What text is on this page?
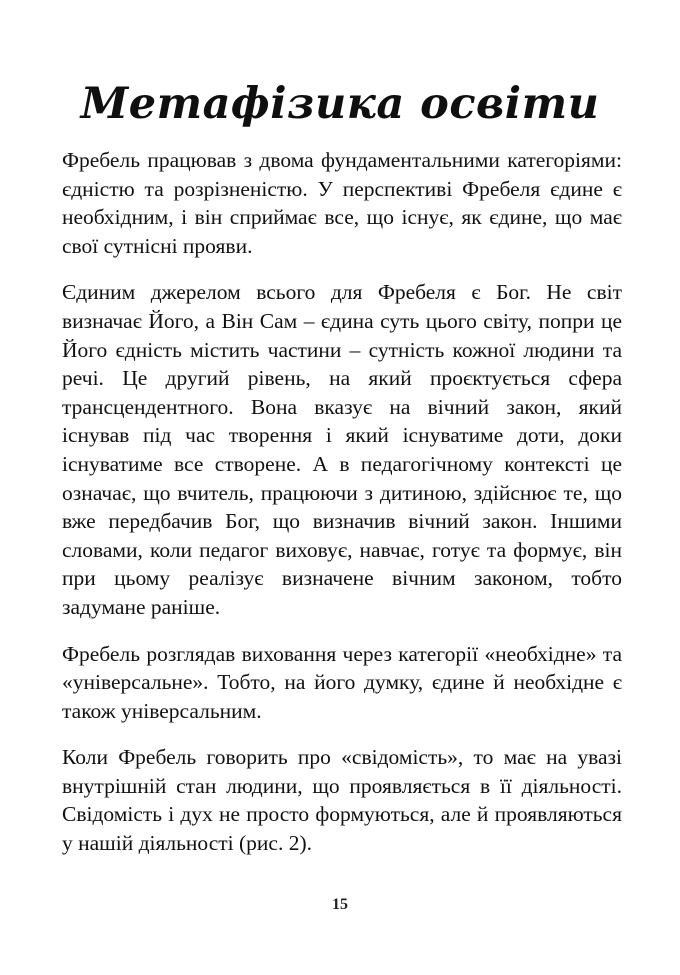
Метафізика освіти

Фребель працював з двома фундаментальними категоріями: єдністю та розрізненістю. У перспективі Фребеля єдине є необхідним, і він сприймає все, що існує, як єдине, що має свої сутнісні прояви.

Єдиним джерелом всього для Фребеля є Бог. Не світ визначає Його, а Він Сам – єдина суть цього світу, попри це Його єдність містить частини – сутність кожної людини та речі. Це другий рівень, на який проєктується сфера трансцендентного. Вона вказує на вічний закон, який існував під час творення і який існуватиме доти, доки існуватиме все створене. А в педагогічному контексті це означає, що вчитель, працюючи з дитиною, здійснює те, що вже передбачив Бог, що визначив вічний закон. Іншими словами, коли педагог виховує, навчає, готує та формує, він при цьому реалізує визначене вічним законом, тобто задумане раніше.

Фребель розглядав виховання через категорії «необхідне» та «універсальне». Тобто, на його думку, єдине й необхідне є також універсальним.

Коли Фребель говорить про «свідомість», то має на увазі внутрішній стан людини, що проявляється в її діяльності. Свідомість і дух не просто формуються, але й проявляються у нашій діяльності (рис. 2).

15
